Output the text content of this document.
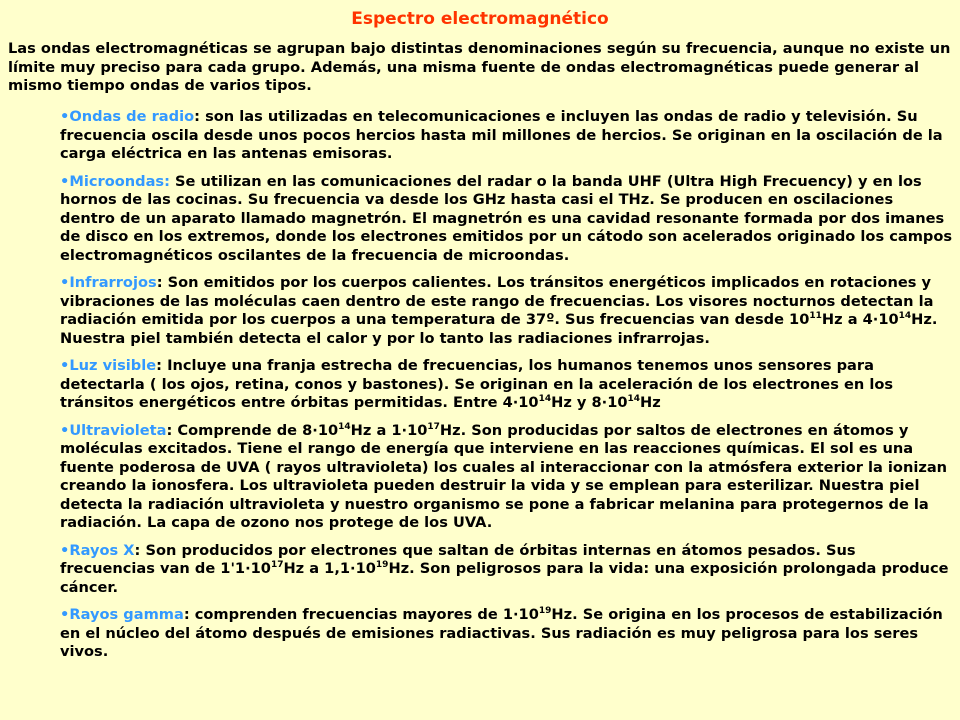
Espectro electromagnético

Las ondas electromagnéticas se agrupan bajo distintas denominaciones según su frecuencia, aunque no existe un límite muy preciso para cada grupo. Además, una misma fuente de ondas electromagnéticas puede generar al mismo tiempo ondas de varios tipos.

•Ondas de radio: son las utilizadas en telecomunicaciones e incluyen las ondas de radio y televisión. Su frecuencia oscila desde unos pocos hercios hasta mil millones de hercios. Se originan en la oscilación de la carga eléctrica en las antenas emisoras.
•Microondas: Se utilizan en las comunicaciones del radar o la banda UHF (Ultra High Frecuency) y en los hornos de las cocinas. Su frecuencia va desde los GHz hasta casi el THz. Se producen en oscilaciones dentro de un aparato llamado magnetrón. El magnetrón es una cavidad resonante formada por dos imanes de disco en los extremos, donde los electrones emitidos por un cátodo son acelerados originado los campos electromagnéticos oscilantes de la frecuencia de microondas.
•Infrarrojos: Son emitidos por los cuerpos calientes. Los tránsitos energéticos implicados en rotaciones y vibraciones de las moléculas caen dentro de este rango de frecuencias. Los visores nocturnos detectan la radiación emitida por los cuerpos a una temperatura de 37º. Sus frecuencias van desde $10^{11}Hz$ a $4\cdot 10^{14}Hz$. Nuestra piel también detecta el calor y por lo tanto las radiaciones infrarrojas.
•Luz visible: Incluye una franja estrecha de frecuencias, los humanos tenemos unos sensores para detectarla ( los ojos, retina, conos y bastones). Se originan en la aceleración de los electrones en los tránsitos energéticos entre órbitas permitidas. Entre $4\cdot 10^{14}Hz$ y $8\cdot 10^{14}Hz$
•Ultravioleta: Comprende de $8\cdot 10^{14}Hz$ a $1\cdot 10^{17}Hz$. Son producidas por saltos de electrones en átomos y moléculas excitados. Tiene el rango de energía que interviene en las reacciones químicas. El sol es una fuente poderosa de UVA ( rayos ultravioleta) los cuales al interaccionar con la atmósfera exterior la ionizan creando la ionosfera. Los ultravioleta pueden destruir la vida y se emplean para esterilizar. Nuestra piel detecta la radiación ultravioleta y nuestro organismo se pone a fabricar melanina para protegernos de la radiación. La capa de ozono nos protege de los UVA.
•Rayos X: Son producidos por electrones que saltan de órbitas internas en átomos pesados. Sus frecuencias van de $1'1\cdot 10^{17}Hz$ a $1,1\cdot 10^{19}Hz$. Son peligrosos para la vida: una exposición prolongada produce cáncer.
•Rayos gamma: comprenden frecuencias mayores de $1\cdot 10^{19}Hz$. Se origina en los procesos de estabilización en el núcleo del átomo después de emisiones radiactivas. Sus radiación es muy peligrosa para los seres vivos.
